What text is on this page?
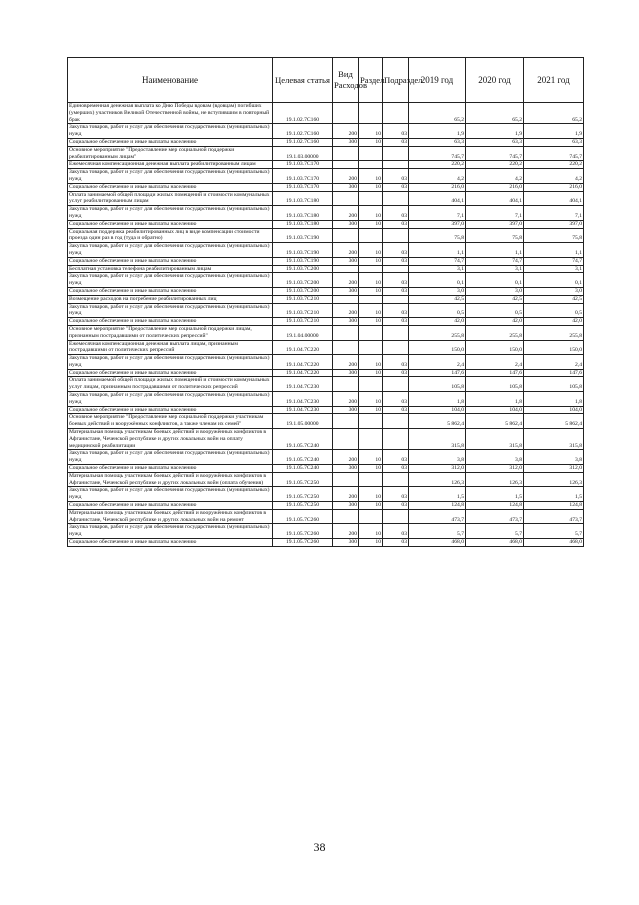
Наименование	Целевая статья	Вид Расходов	Раздел	Подраздел	2019 год	2020 год	2021 год
Единовременная денежная выплата ко Дню Победы вдовам (вдовцам) погибших (умерших) участников Великой Отечественной войны, не вступившим в повторный брак	19.1.02.7С160				65,2	65,2	65,2
Закупка товаров, работ и услуг для обеспечения государственных (муниципальных) нужд	19.1.02.7С160	200	10	03	1,9	1,9	1,9
Социальное обеспечение и иные выплаты населению	19.1.02.7С160	300	10	03	63,3	63,3	63,3
Основное мероприятие "Предоставление мер социальной поддержки реабилитированным лицам"	19.1.03.00000				745,7	745,7	745,7
Ежемесячная компенсационная денежная выплата реабилитированным лицам	19.1.03.7С170				220,2	220,2	220,2
Закупка товаров, работ и услуг для обеспечения государственных (муниципальных) нужд	19.1.03.7С170	200	10	03	4,2	4,2	4,2
Социальное обеспечение и иные выплаты населению	19.1.03.7С170	300	10	03	216,0	216,0	216,0
Оплата занимаемой общей площади жилых помещений и стоимости коммунальных услуг реабилитированным лицам	19.1.03.7С180				404,1	404,1	404,1
Закупка товаров, работ и услуг для обеспечения государственных (муниципальных) нужд	19.1.03.7С180	200	10	03	7,1	7,1	7,1
Социальное обеспечение и иные выплаты населению	19.1.03.7С180	300	10	03	397,0	397,0	397,0
Социальная поддержка реабилитированных лиц в виде компенсации стоимости проезда один раз в год (туда и обратно)	19.1.03.7С190				75,8	75,8	75,8
Закупка товаров, работ и услуг для обеспечения государственных (муниципальных) нужд	19.1.03.7С190	200	10	03	1,1	1,1	1,1
Социальное обеспечение и иные выплаты населению	19.1.03.7С190	300	10	03	74,7	74,7	74,7
Бесплатная установка телефона реабилитированным лицам	19.1.03.7С200				3,1	3,1	3,1
Закупка товаров, работ и услуг для обеспечения государственных (муниципальных) нужд	19.1.03.7С200	200	10	03	0,1	0,1	0,1
Социальное обеспечение и иные выплаты населению	19.1.03.7С200	300	10	03	3,0	3,0	3,0
Возмещение расходов на погребение реабилитированных лиц	19.1.03.7С210				42,5	42,5	42,5
Закупка товаров, работ и услуг для обеспечения государственных (муниципальных) нужд	19.1.03.7С210	200	10	03	0,5	0,5	0,5
Социальное обеспечение и иные выплаты населению	19.1.03.7С210	300	10	03	42,0	42,0	42,0
Основное мероприятие "Предоставление мер социальной поддержки лицам, признанным пострадавшими от политических репрессий"	19.1.04.00000				255,8	255,8	255,8
Ежемесячная компенсационная денежная выплата лицам, признанным пострадавшими от политических репрессий	19.1.04.7С220				150,0	150,0	150,0
Закупка товаров, работ и услуг для обеспечения государственных (муниципальных) нужд	19.1.04.7С220	200	10	03	2,4	2,4	2,4
Социальное обеспечение и иные выплаты населению	19.1.04.7С220	300	10	03	147,6	147,6	147,6
Оплата занимаемой общей площади жилых помещений и стоимости коммунальных услуг лицам, признанным пострадавшими от политических репрессий	19.1.04.7С230				105,8	105,8	105,8
Закупка товаров, работ и услуг для обеспечения государственных (муниципальных) нужд	19.1.04.7С230	200	10	03	1,8	1,8	1,8
Социальное обеспечение и иные выплаты населению	19.1.04.7С230	300	10	03	104,0	104,0	104,0
Основное мероприятие "Предоставление мер социальной поддержки участникам боевых действий и вооружённых конфликтов, а также членам их семей"	19.1.05.00000				5 862,4	5 862,4	5 862,4
Материальная помощь участникам боевых действий и вооружённых конфликтов в Афганистане, Чеченской республике и других локальных войн на оплату медицинской реабилитации	19.1.05.7С240				315,8	315,8	315,8
Закупка товаров, работ и услуг для обеспечения государственных (муниципальных) нужд	19.1.05.7С240	200	10	03	3,8	3,8	3,8
Социальное обеспечение и иные выплаты населению	19.1.05.7С240	300	10	03	312,0	312,0	312,0
Материальная помощь участникам боевых действий и вооружённых конфликтов в Афганистане, Чеченской республике и других локальных войн (оплата обучения)	19.1.05.7С250				126,3	126,3	126,3
Закупка товаров, работ и услуг для обеспечения государственных (муниципальных) нужд	19.1.05.7С250	200	10	03	1,5	1,5	1,5
Социальное обеспечение и иные выплаты населению	19.1.05.7С250	300	10	03	124,8	124,8	124,8
Материальная помощь участникам боевых действий и вооружённых конфликтов в Афганистане, Чеченской республике и других локальных войн на ремонт	19.1.05.7С260				473,7	473,7	473,7
Закупка товаров, работ и услуг для обеспечения государственных (муниципальных) нужд	19.1.05.7С260	200	10	03	5,7	5,7	5,7
Социальное обеспечение и иные выплаты населению	19.1.05.7С260	300	10	03	468,0	468,0	468,0
38
